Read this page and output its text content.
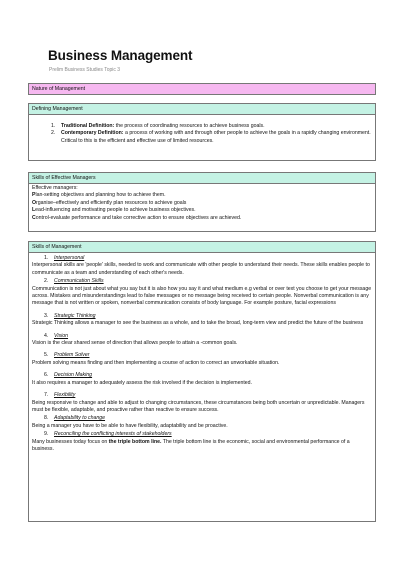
Business Management
Prelim Business Studies Topic 3
Nature of Management
Defining Management
1.	Traditional Definition: the process of coordinating resources to achieve business goals.
2.	Contemporary Definition: a process of working with and through other people to achieve the goals in a rapidly changing environment. Critical to this is the efficient and effective use of limited resources.
Skills of Effective Managers
Effective managers:
Plan-setting objectives and planning how to achieve them.
Organise–effectively and efficiently plan resources to achieve goals
Lead-influencing and motivating people to achieve business objectives.
Control-evaluate performance and take corrective action to ensure objectives are achieved.
Skills of Management
1.	Interpersonal
Interpersonal skills are 'people' skills, needed to work and communicate with other people to understand their needs. These skills enables people to communicate as a team and understanding of each other's needs.
2.	Communication Skills
Communication is not just about what you say but it is also how you say it and what medium e.g verbal or over text you choose to get your message across. Mistakes and misunderstandings lead to false messages or no message being received to certain people. Nonverbal communication is any message that is not written or spoken, nonverbal communication consists of body language. For example posture, facial expressions
3.	Strategic Thinking
Strategic Thinking allows a manager to see the business as a whole, and to take the broad, long-term view and predict the future of the business
4.	Vision
Vision is the clear shared sense of direction that allows people to attain a -common goals.
5.	Problem Solver
Problem solving means finding and then implementing a course of action to correct an unworkable situation.
6.	Decision Making
It also requires a manager to adequately assess the risk involved if the decision is implemented.
7.	Flexibility
Being responsive to change and able to adjust to changing circumstances, these circumstances being both uncertain or unpredictable. Managers must be flexible, adaptable, and proactive rather than reactive to ensure success.
8.	Adaptability to change
Being a manager you have to be able to have flexibility, adaptability and be proactive.
9.	Reconciling the conflicting interests of stakeholders
Many businesses today focus on the triple bottom line. The triple bottom line is the economic, social and environmental performance of a business.
